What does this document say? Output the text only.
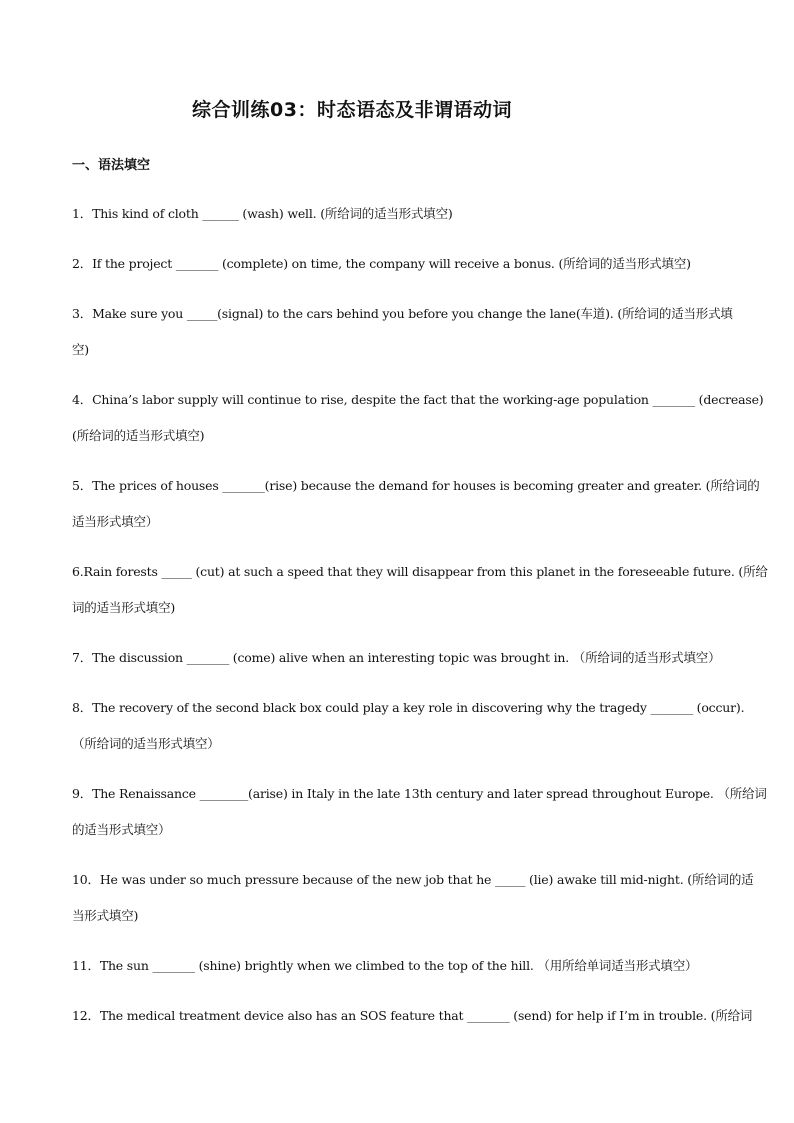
综合训练03：时态语态及非谓语动词
一、语法填空
1．This kind of cloth ______ (wash) well. (所给词的适当形式填空)
2．If the project _______ (complete) on time, the company will receive a bonus. (所给词的适当形式填空)
3．Make sure you _____(signal) to the cars behind you before you change the lane(车道). (所给词的适当形式填
空)
4．China’s labor supply will continue to rise, despite the fact that the working-age population _______ (decrease)
(所给词的适当形式填空)
5．The prices of houses _______(rise) because the demand for houses is becoming greater and greater. (所给词的
适当形式填空）
6.Rain forests _____ (cut) at such a speed that they will disappear from this planet in the foreseeable future. (所给
词的适当形式填空)
7．The discussion _______ (come) alive when an interesting topic was brought in. （所给词的适当形式填空）
8．The recovery of the second black box could play a key role in discovering why the tragedy _______ (occur).
（所给词的适当形式填空）
9．The Renaissance ________(arise) in Italy in the late 13th century and later spread throughout Europe. （所给词
的适当形式填空）
10．He was under so much pressure because of the new job that he _____ (lie) awake till mid-night. (所给词的适
当形式填空)
11．The sun _______ (shine) brightly when we climbed to the top of the hill. （用所给单词适当形式填空）
12．The medical treatment device also has an SOS feature that _______ (send) for help if I’m in trouble. (所给词
